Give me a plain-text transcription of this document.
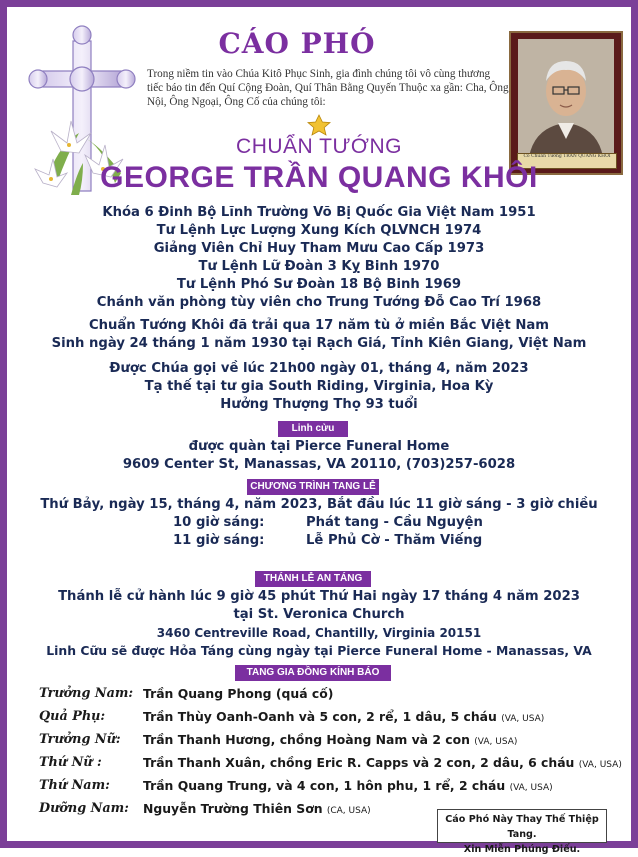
CÁO PHÓ

Trong niềm tin vào Chúa Kitô Phục Sinh, gia đình chúng tôi vô cùng thương tiếc báo tin đến Quí Cộng Đoàn, Quí Thân Bằng Quyến Thuộc xa gần: Cha, Ông Nội, Ông Ngoại, Ông Cố của chúng tôi:

Cố Chuẩn Tướng TRẦN QUANG KHÔI
CHUẨN TƯỚNG
GEORGE TRẦN QUANG KHÔI
Khóa 6 Đinh Bộ Lĩnh Trường Võ Bị Quốc Gia Việt Nam 1951
Tư Lệnh Lực Lượng Xung Kích QLVNCH 1974
Giảng Viên Chỉ Huy Tham Mưu Cao Cấp 1973
Tư Lệnh Lữ Đoàn 3 Kỵ Binh 1970
Tư Lệnh Phó Sư Đoàn 18 Bộ Binh 1969
Chánh văn phòng tùy viên cho Trung Tướng Đỗ Cao Trí 1968
Chuẩn Tướng Khôi đã trải qua 17 năm tù ở miền Bắc Việt Nam
Sinh ngày 24 tháng 1 năm 1930 tại Rạch Giá, Tỉnh Kiên Giang, Việt Nam
Được Chúa gọi về lúc 21h00 ngày 01, tháng 4, năm 2023
Tạ thế tại tư gia South Riding, Virginia, Hoa Kỳ
Hưởng Thượng Thọ 93 tuổi
Linh cửu
được quàn tại Pierce Funeral Home
9609 Center St, Manassas, VA 20110, (703)257-6028
CHƯƠNG TRÌNH TANG LỄ
Thứ Bảy, ngày 15, tháng 4, năm 2023, Bắt đầu lúc 11 giờ sáng - 3 giờ chiều
10 giờ sáng:	Phát tang - Cầu Nguyện
11 giờ sáng:	Lễ Phủ Cờ - Thăm Viếng
THÁNH LỄ AN TÁNG
Thánh lễ cử hành lúc 9 giờ 45 phút Thứ Hai ngày 17 tháng 4 năm 2023
tại St. Veronica Church
3460 Centreville Road, Chantilly, Virginia 20151
Linh Cữu sẽ được Hỏa Táng cùng ngày tại Pierce Funeral Home - Manassas, VA
TANG GIA ĐỒNG KÍNH BÁO
Trưởng Nam: Trần Quang Phong (quá cố)
Quả Phụ:	Trần Thùy Oanh-Oanh và 5 con, 2 rể, 1 dâu, 5 cháu (VA, USA)
Trưởng Nữ: Trần Thanh Hương, chồng Hoàng Nam và 2 con (VA, USA)
Thứ Nữ :	Trần Thanh Xuân, chồng Eric R. Capps và 2 con, 2 dâu, 6 cháu (VA, USA)
Thứ Nam:	Trần Quang Trung, và 4 con, 1 hôn phu, 1 rể, 2 cháu (VA, USA)
Dưỡng Nam: Nguyễn Trường Thiên Sơn (CA, USA)
Cáo Phó Này Thay Thế Thiệp Tang.
Xin Miễn Phúng Điếu.
